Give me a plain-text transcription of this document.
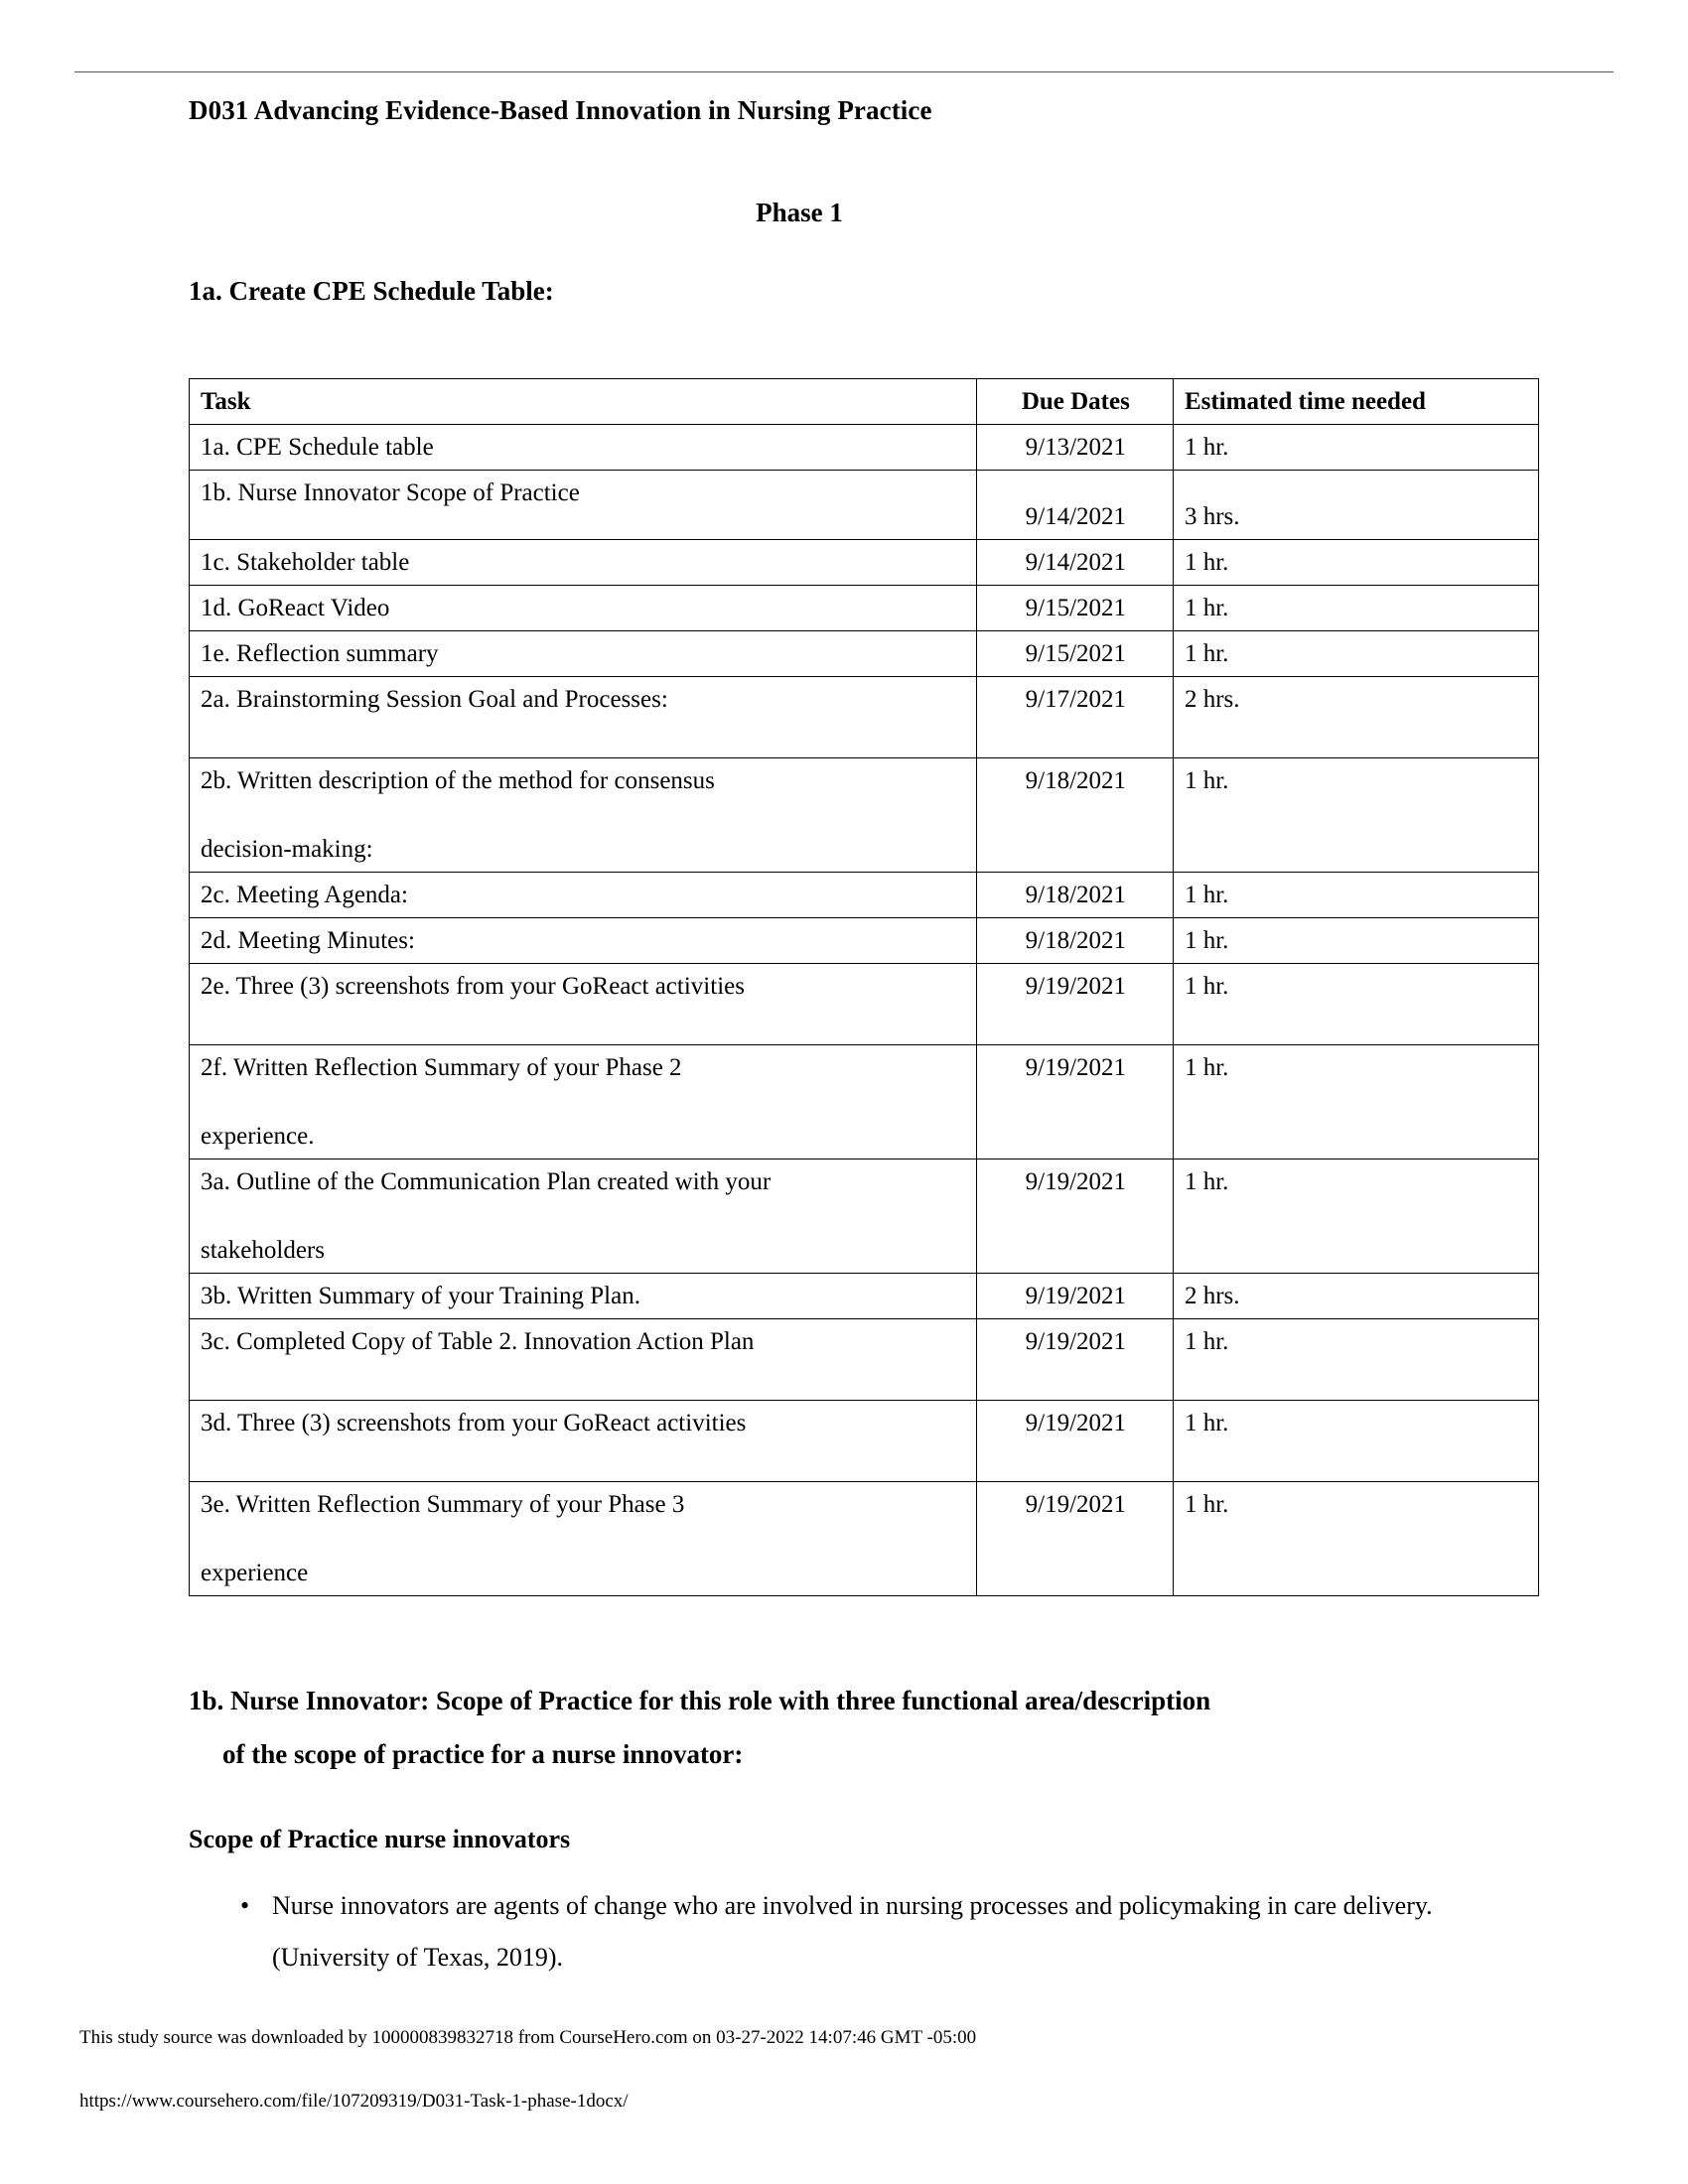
D031 Advancing Evidence-Based Innovation in Nursing Practice
Phase 1
1a. Create CPE Schedule Table:
Task	Due Dates	Estimated time needed
1a. CPE Schedule table	9/13/2021	1 hr.
1b. Nurse Innovator Scope of Practice	9/14/2021	3 hrs.
1c. Stakeholder table	9/14/2021	1 hr.
1d. GoReact Video	9/15/2021	1 hr.
1e. Reflection summary	9/15/2021	1 hr.
2a. Brainstorming Session Goal and Processes:	9/17/2021	2 hrs.
2b. Written description of the method for consensus
decision-making:	9/18/2021	1 hr.
2c. Meeting Agenda:	9/18/2021	1 hr.
2d. Meeting Minutes:	9/18/2021	1 hr.
2e. Three (3) screenshots from your GoReact activities	9/19/2021	1 hr.
2f. Written Reflection Summary of your Phase 2
experience.	9/19/2021	1 hr.
3a. Outline of the Communication Plan created with your
stakeholders	9/19/2021	1 hr.
3b. Written Summary of your Training Plan.	9/19/2021	2 hrs.
3c. Completed Copy of Table 2. Innovation Action Plan	9/19/2021	1 hr.
3d. Three (3) screenshots from your GoReact activities	9/19/2021	1 hr.
3e. Written Reflection Summary of your Phase 3
experience	9/19/2021	1 hr.
1b. Nurse Innovator: Scope of Practice for this role with three functional area/description
of the scope of practice for a nurse innovator:
Scope of Practice nurse innovators
• Nurse innovators are agents of change who are involved in nursing processes and policymaking in care delivery. (University of Texas, 2019).
This study source was downloaded by 100000839832718 from CourseHero.com on 03-27-2022 14:07:46 GMT -05:00
https://www.coursehero.com/file/107209319/D031-Task-1-phase-1docx/
